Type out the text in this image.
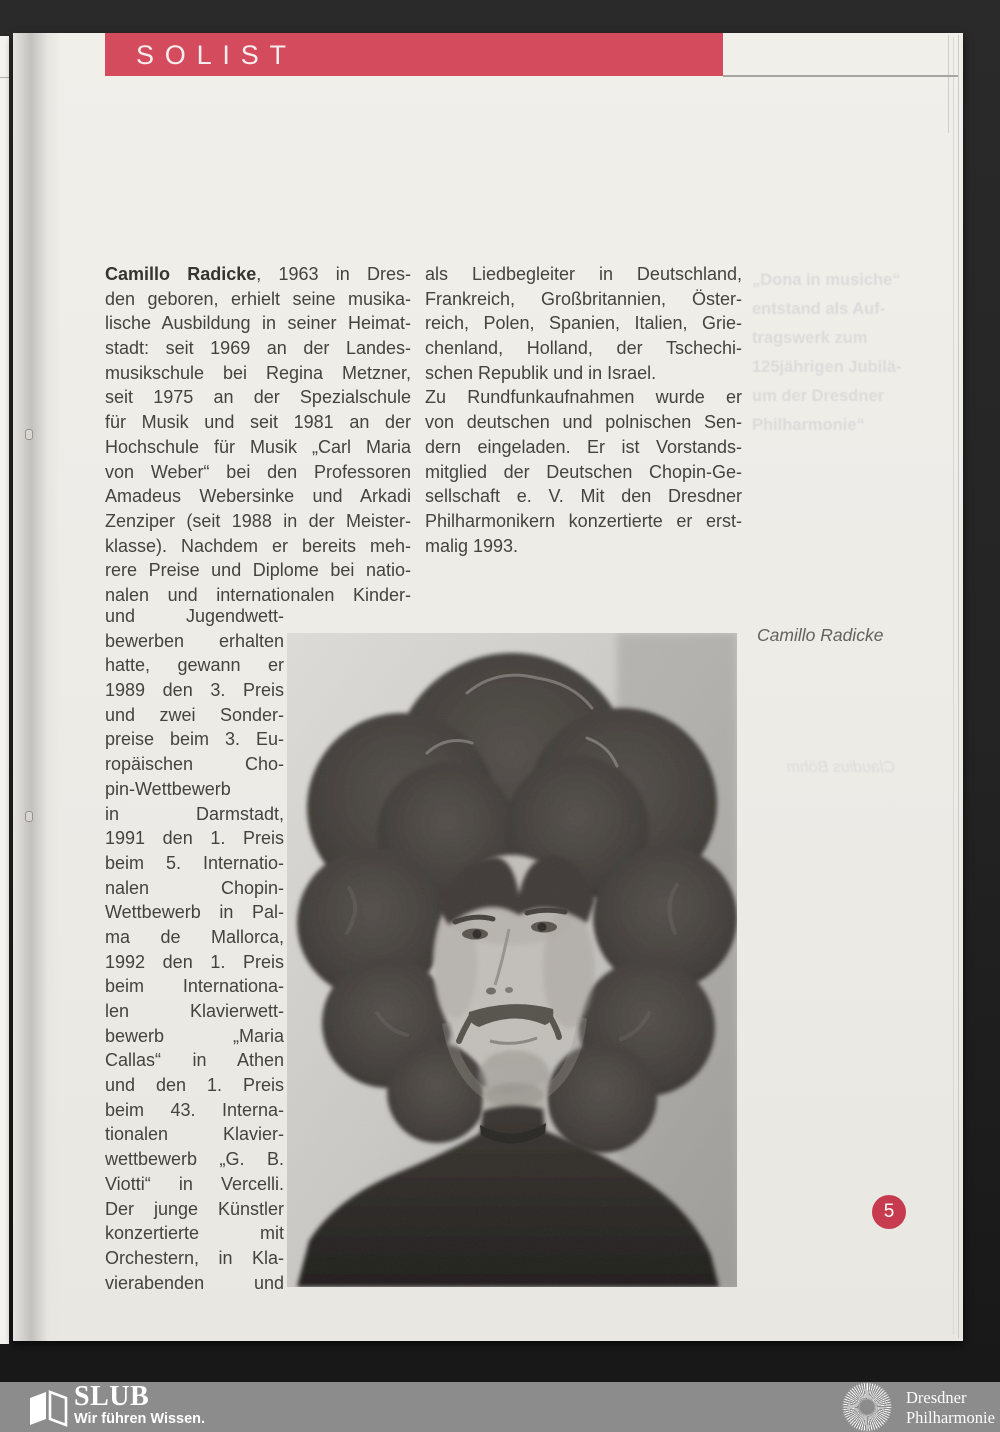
SOLIST
Camillo Radicke, 1963 in Dres-
den geboren, erhielt seine musika-
lische Ausbildung in seiner Heimat-
stadt: seit 1969 an der Landes-
musikschule bei Regina Metzner,
seit 1975 an der Spezialschule
für Musik und seit 1981 an der
Hochschule für Musik „Carl Maria
von Weber“ bei den Professoren
Amadeus Webersinke und Arkadi
Zenziper (seit 1988 in der Meister-
klasse). Nachdem er bereits meh-
rere Preise und Diplome bei natio-
nalen und internationalen Kinder-
und Jugendwett-
bewerben erhalten
hatte, gewann er
1989 den 3. Preis
und zwei Sonder-
preise beim 3. Eu-
ropäischen Cho-
pin-Wettbewerb
in Darmstadt,
1991 den 1. Preis
beim 5. Internatio-
nalen Chopin-
Wettbewerb in Pal-
ma de Mallorca,
1992 den 1. Preis
beim Internationa-
len Klavierwett-
bewerb „Maria
Callas“ in Athen
und den 1. Preis
beim 43. Interna-
tionalen Klavier-
wettbewerb „G. B.
Viotti“ in Vercelli.
Der junge Künstler
konzertierte mit
Orchestern, in Kla-
vierabenden und
als Liedbegleiter in Deutschland,
Frankreich, Großbritannien, Öster-
reich, Polen, Spanien, Italien, Grie-
chenland, Holland, der Tschechi-
schen Republik und in Israel.
Zu Rundfunkaufnahmen wurde er
von deutschen und polnischen Sen-
dern eingeladen. Er ist Vorstands-
mitglied der Deutschen Chopin-Ge-
sellschaft e. V. Mit den Dresdner
Philharmonikern konzertierte er erst-
malig 1993.
„Dona in musiche“
entstand als Auf-
tragswerk zum
125jährigen Jubilä-
um der Dresdner
Philharmonie“
Claudius Böhm
Camillo Radicke
5
SLUB
Wir führen Wissen.
Dresdner
Philharmonie
